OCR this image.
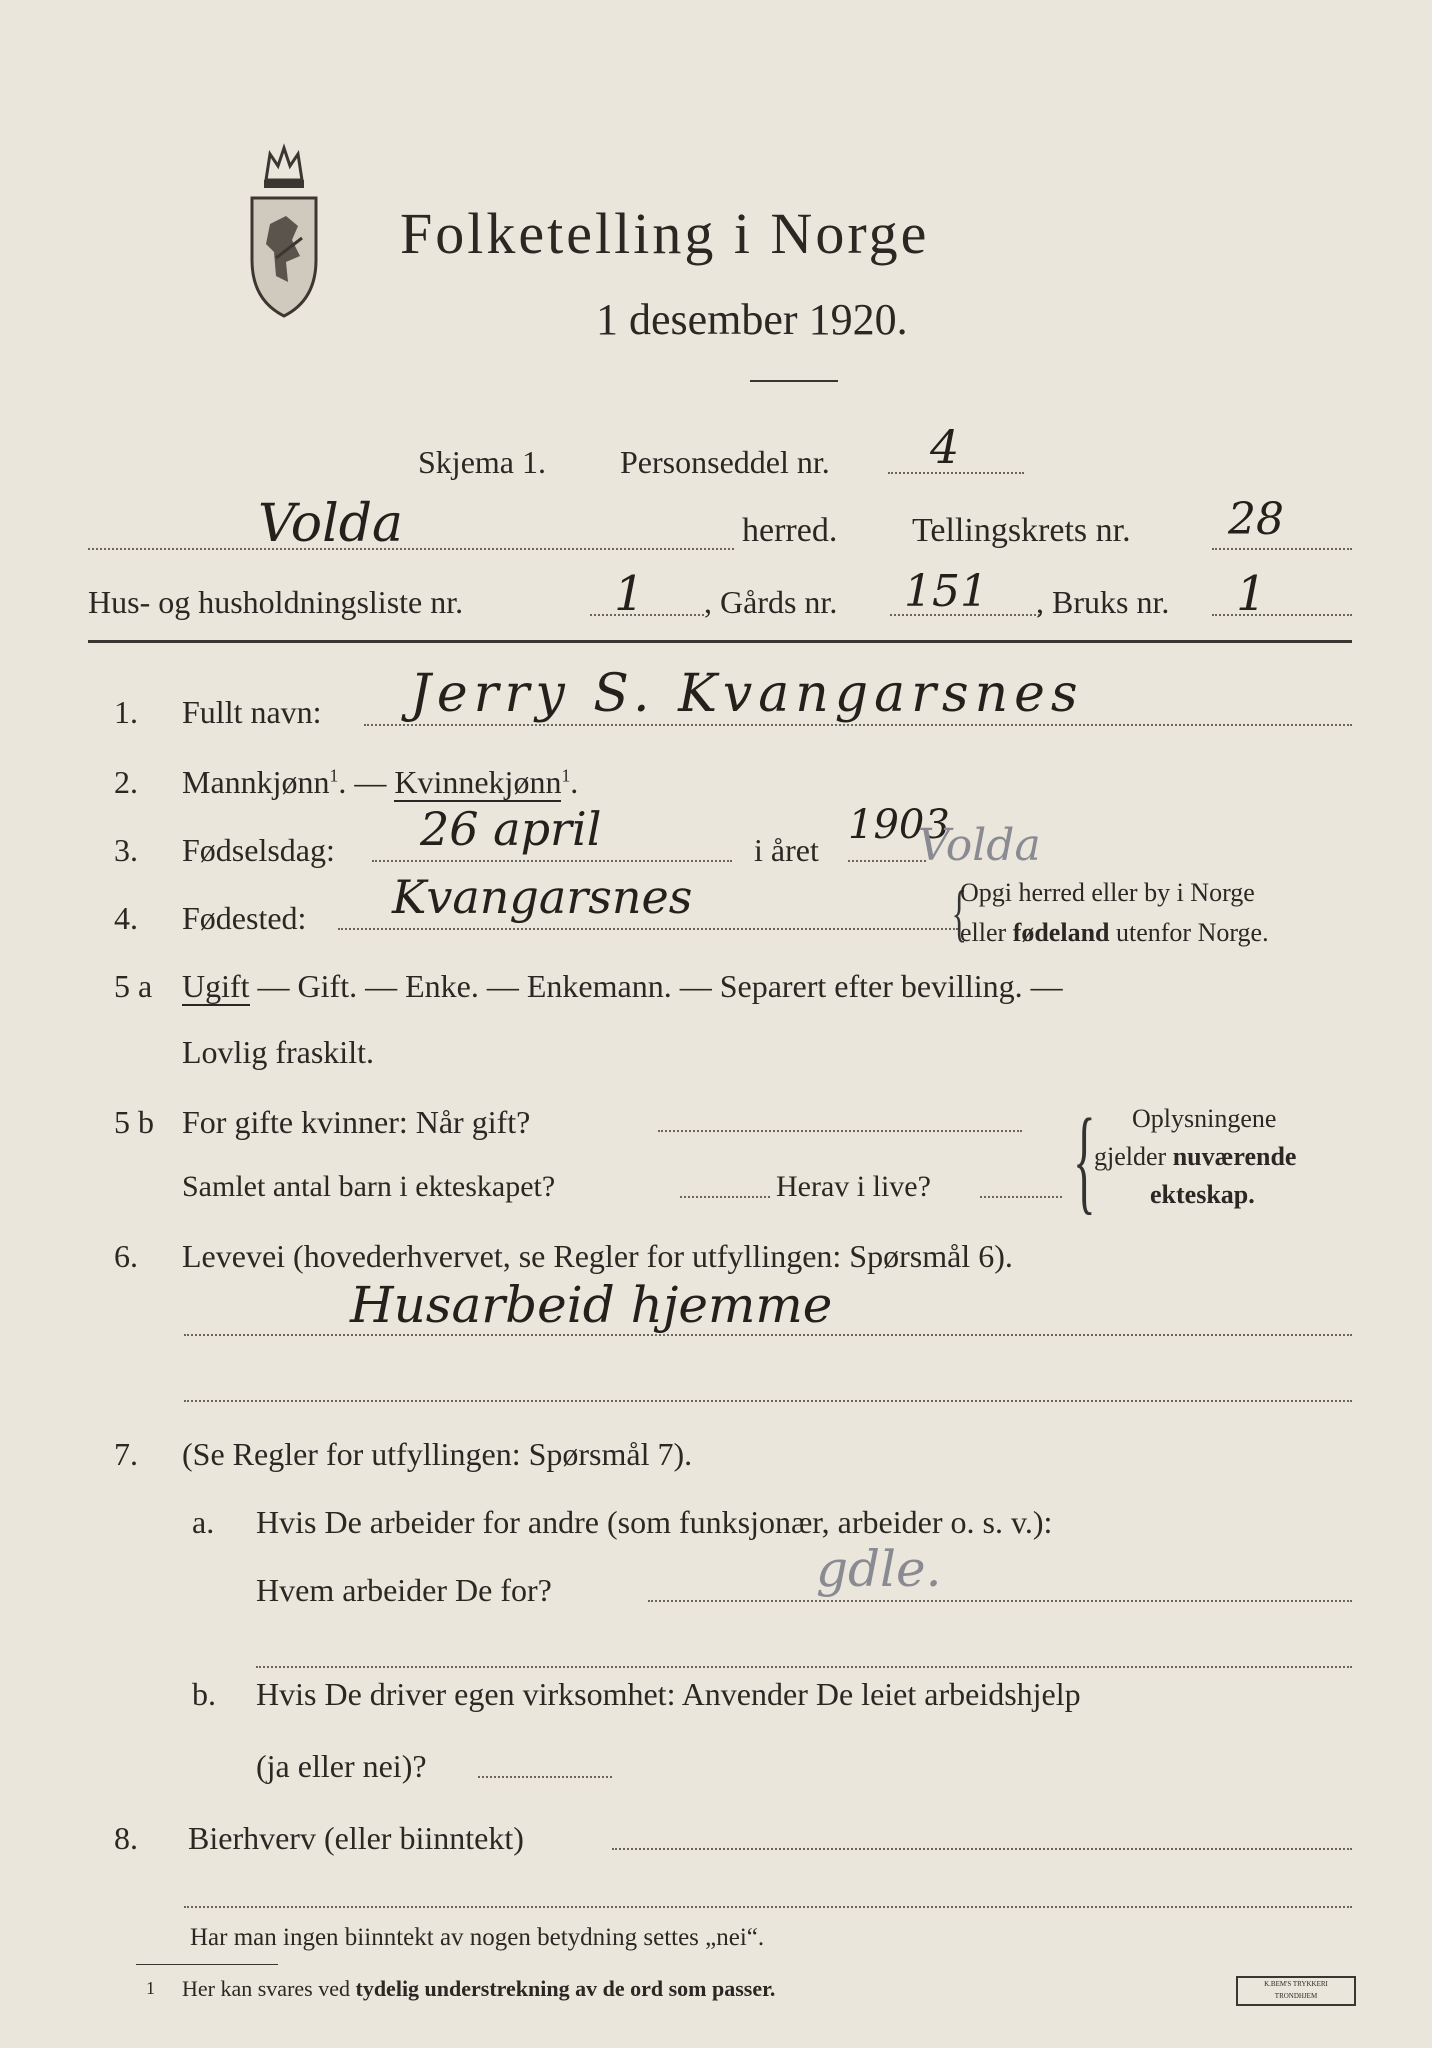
Folketelling i Norge
1 desember 1920.
Skjema 1. Personseddel nr. 4
Volda	herred. Tellingskrets nr. 28
Hus- og husholdningsliste nr.	1 , Gårds nr. 151 , Bruks nr. 1
1. Fullt navn: Jerry S. Kvangarsnes
2. Mannkjønn$^1$. — Kvinnekjønn$^1$.
3. Fødselsdag: 26 april	i året
1903
4. Fødested: Kvangarsnes
Volda
{
Opgi herred eller by i Norge
eller fødeland utenfor Norge.
5 a Ugift — Gift. — Enke. — Enkemann. — Separert efter bevilling. —
Lovlig fraskilt.
5 b For gifte kvinner: Når gift?
Samlet antal barn i ekteskapet?	Herav i live? { Oplysningene
gjelder nuværende
ekteskap.
6. Levevei (hovederhvervet, se Regler for utfyllingen: Spørsmål 6).
Husarbeid hjemme
7. (Se Regler for utfyllingen: Spørsmål 7).
a. Hvis De arbeider for andre (som funksjonær, arbeider o. s. v.):
Hvem arbeider De for?	gdle.
b. Hvis De driver egen virksomhet: Anvender De leiet arbeidshjelp
(ja eller nei)?
8. Bierhverv (eller biinntekt)
Har man ingen biinntekt av nogen betydning settes „nei“.
1 Her kan svares ved tydelig understrekning av de ord som passer.	K.BEM'S TRYKKERI
TRONDHJEM
